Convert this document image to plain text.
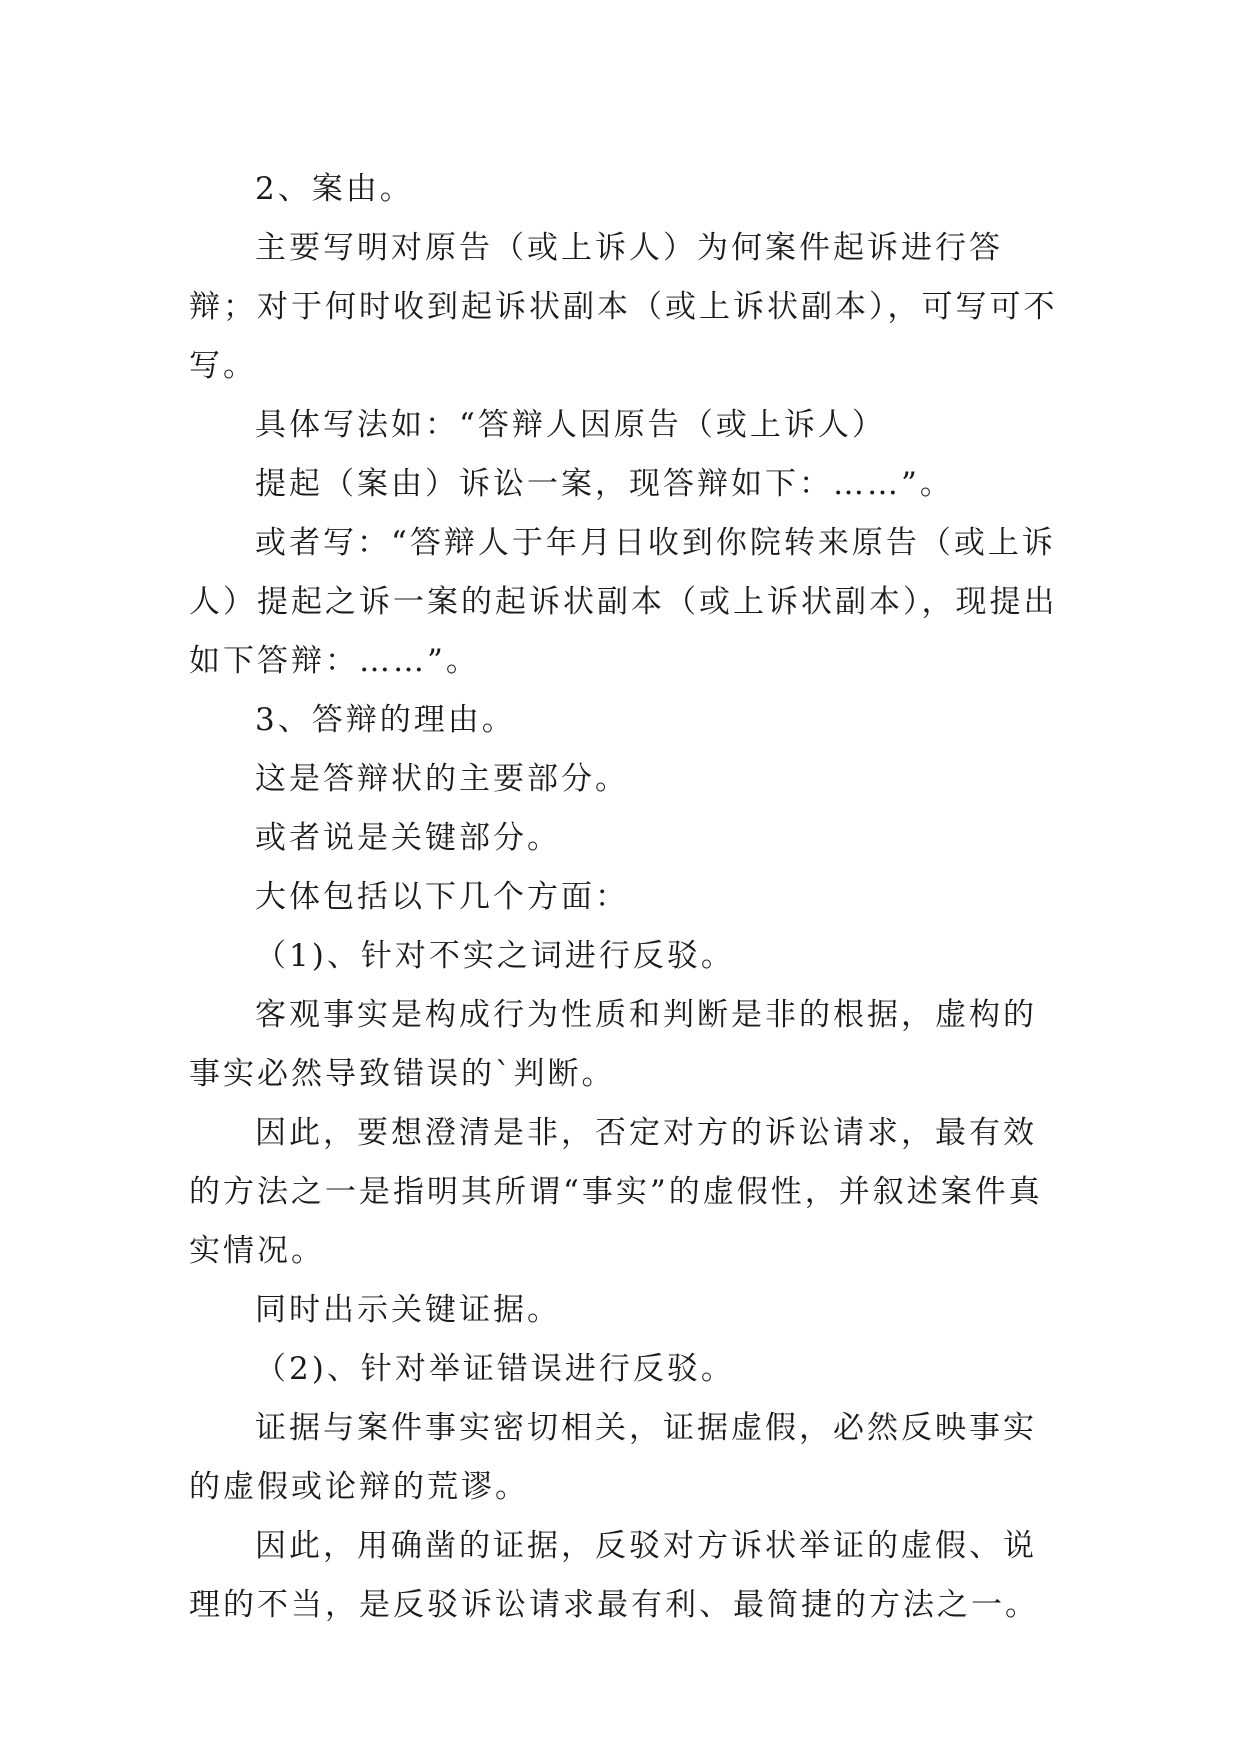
2、案由。

主要写明对原告（或上诉人）为何案件起诉进行答辩；对于何时收到起诉状副本（或上诉状副本），可写可不写。

具体写法如：“答辩人因原告（或上诉人）

提起（案由）诉讼一案，现答辩如下：……”。

或者写：“答辩人于年月日收到你院转来原告（或上诉人）提起之诉一案的起诉状副本（或上诉状副本），现提出如下答辩：……”。

3、答辩的理由。

这是答辩状的主要部分。

或者说是关键部分。

大体包括以下几个方面：

（1)、针对不实之词进行反驳。

客观事实是构成行为性质和判断是非的根据，虚构的事实必然导致错误的`判断。

因此，要想澄清是非，否定对方的诉讼请求，最有效的方法之一是指明其所谓“事实”的虚假性，并叙述案件真实情况。

同时出示关键证据。

（2)、针对举证错误进行反驳。

证据与案件事实密切相关，证据虚假，必然反映事实的虚假或论辩的荒谬。

因此，用确凿的证据，反驳对方诉状举证的虚假、说理的不当，是反驳诉讼请求最有利、最简捷的方法之一。
